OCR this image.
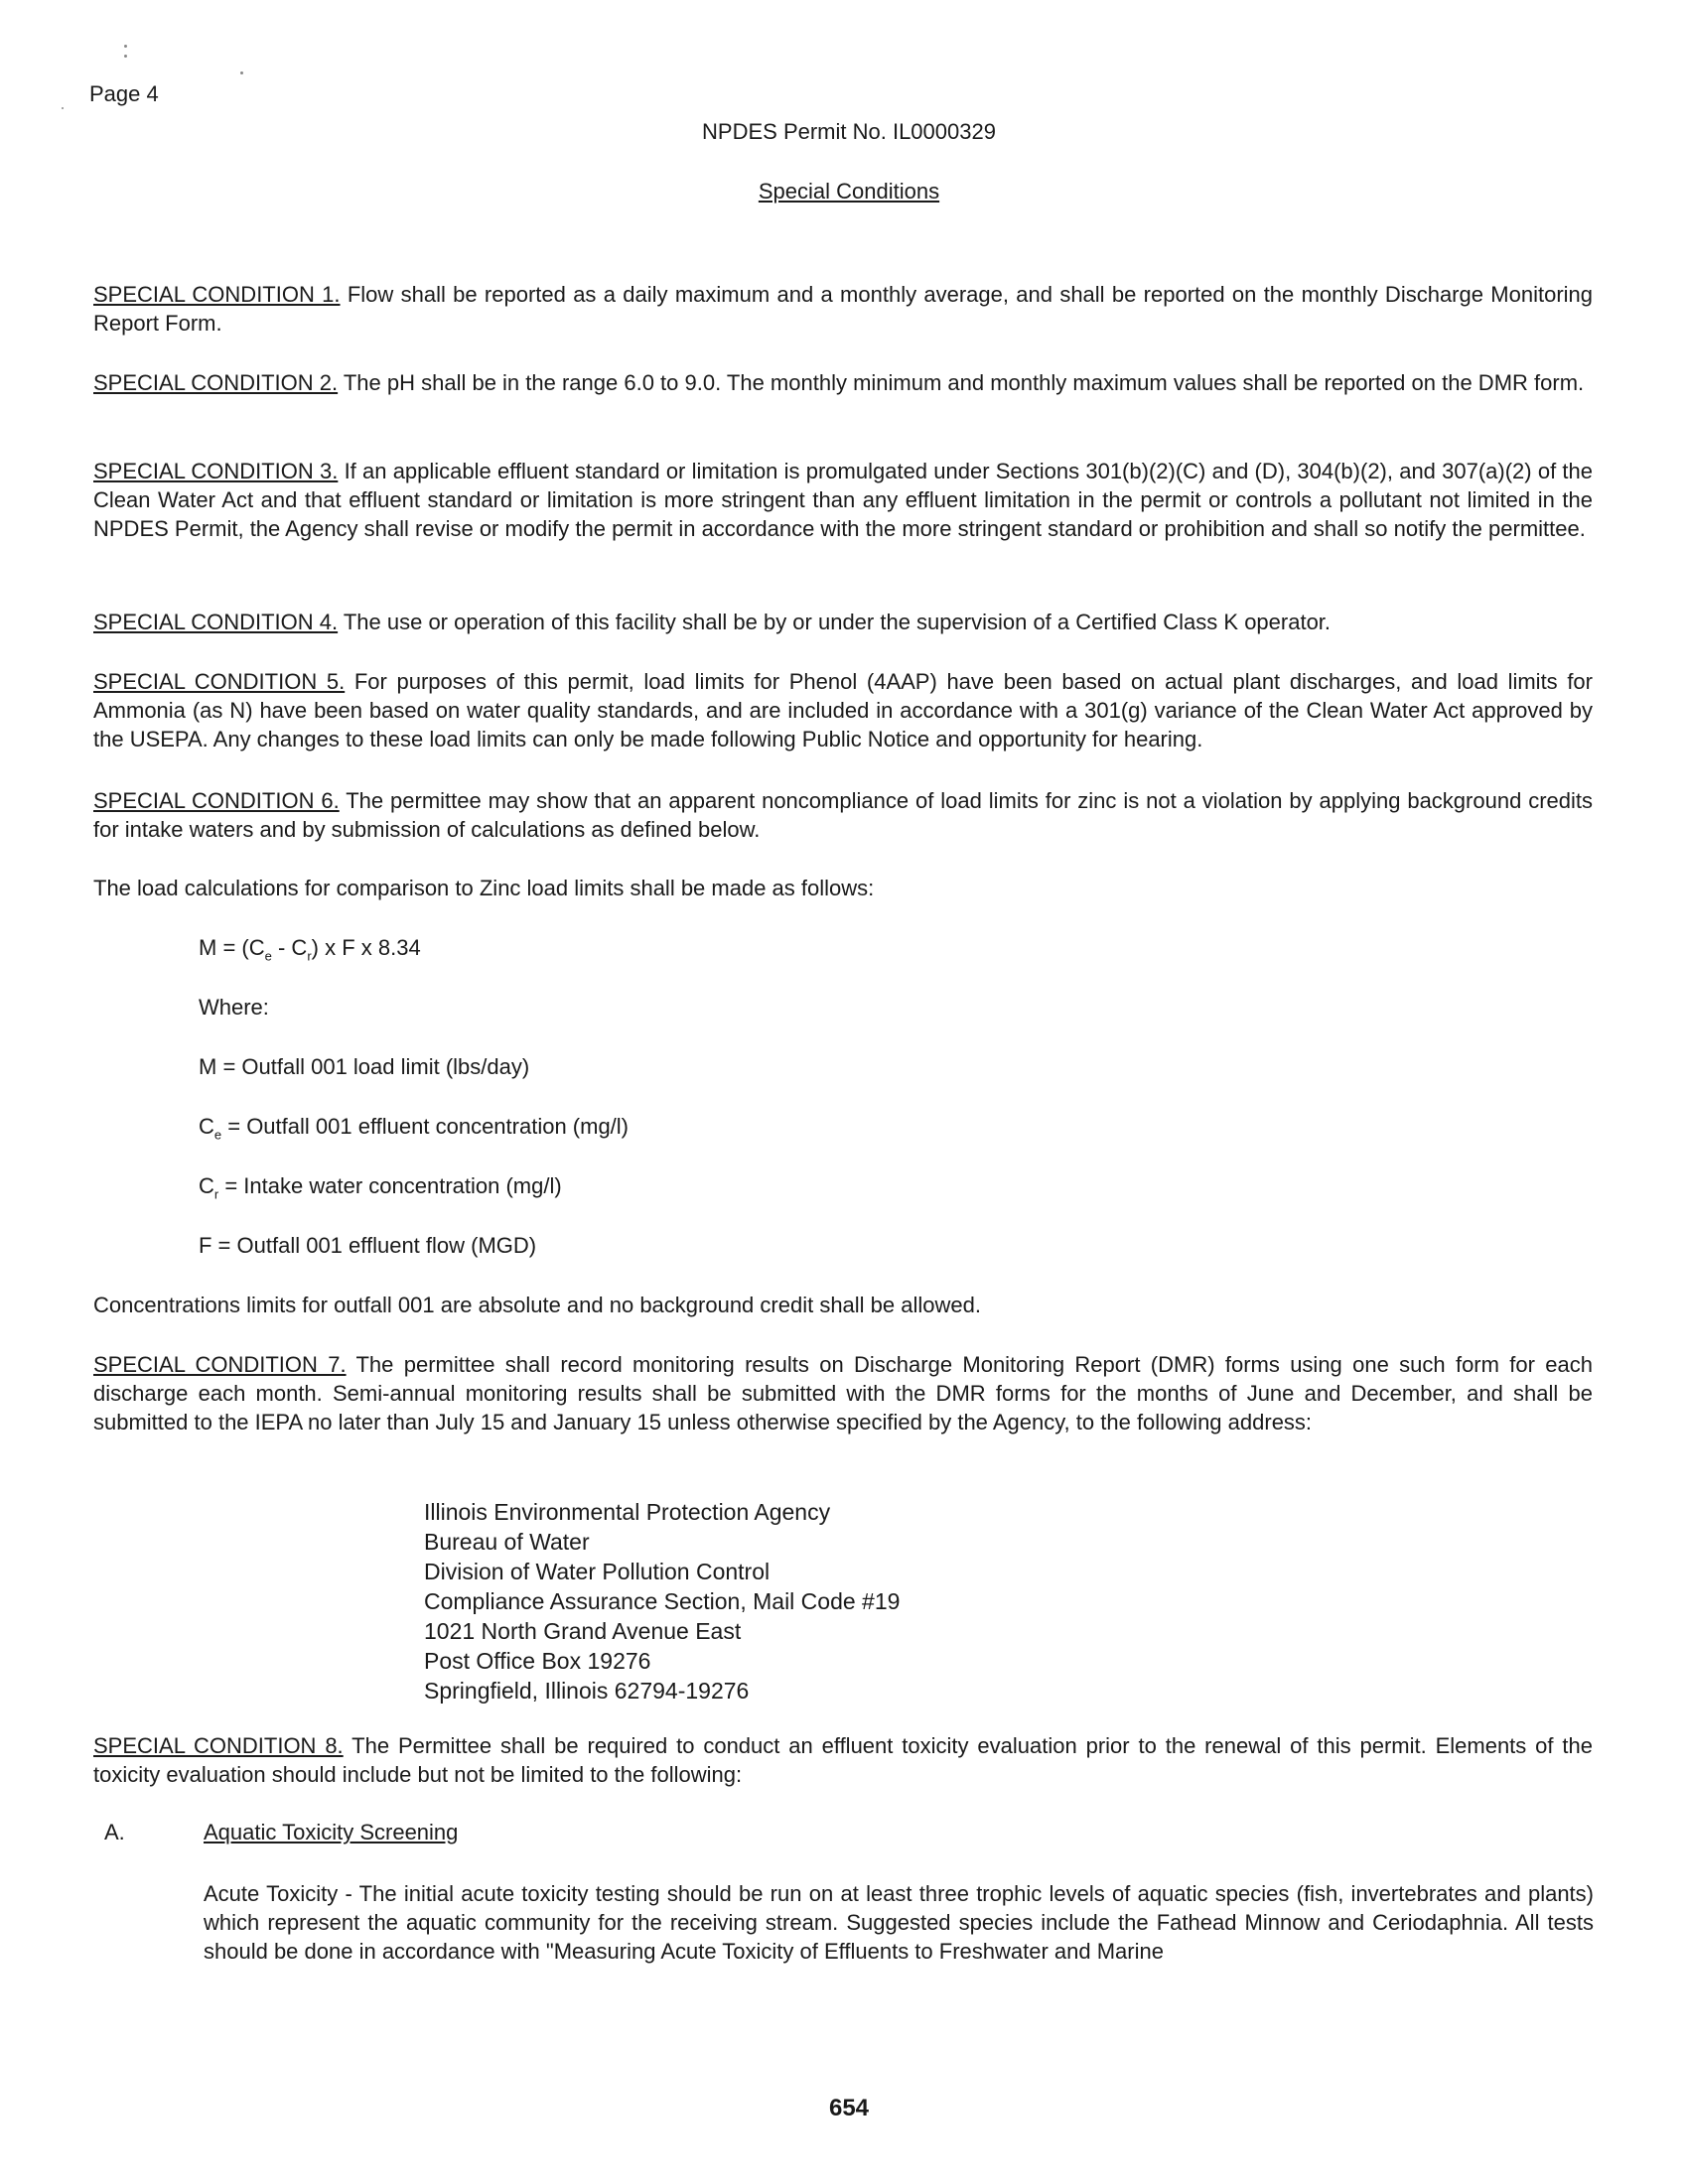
Page 4
NPDES Permit No. IL0000329
Special Conditions
SPECIAL CONDITION 1. Flow shall be reported as a daily maximum and a monthly average, and shall be reported on the monthly Discharge Monitoring Report Form.
SPECIAL CONDITION 2. The pH shall be in the range 6.0 to 9.0. The monthly minimum and monthly maximum values shall be reported on the DMR form.
SPECIAL CONDITION 3. If an applicable effluent standard or limitation is promulgated under Sections 301(b)(2)(C) and (D), 304(b)(2), and 307(a)(2) of the Clean Water Act and that effluent standard or limitation is more stringent than any effluent limitation in the permit or controls a pollutant not limited in the NPDES Permit, the Agency shall revise or modify the permit in accordance with the more stringent standard or prohibition and shall so notify the permittee.
SPECIAL CONDITION 4. The use or operation of this facility shall be by or under the supervision of a Certified Class K operator.
SPECIAL CONDITION 5. For purposes of this permit, load limits for Phenol (4AAP) have been based on actual plant discharges, and load limits for Ammonia (as N) have been based on water quality standards, and are included in accordance with a 301(g) variance of the Clean Water Act approved by the USEPA. Any changes to these load limits can only be made following Public Notice and opportunity for hearing.
SPECIAL CONDITION 6. The permittee may show that an apparent noncompliance of load limits for zinc is not a violation by applying background credits for intake waters and by submission of calculations as defined below.
The load calculations for comparison to Zinc load limits shall be made as follows:
$M = (C_e - C_r)$ x F x 8.34
Where:
M = Outfall 001 load limit (lbs/day)
$C_e$ = Outfall 001 effluent concentration (mg/l)
$C_r$ = Intake water concentration (mg/l)
F = Outfall 001 effluent flow (MGD)
Concentrations limits for outfall 001 are absolute and no background credit shall be allowed.
SPECIAL CONDITION 7. The permittee shall record monitoring results on Discharge Monitoring Report (DMR) forms using one such form for each discharge each month. Semi-annual monitoring results shall be submitted with the DMR forms for the months of June and December, and shall be submitted to the IEPA no later than July 15 and January 15 unless otherwise specified by the Agency, to the following address:
Illinois Environmental Protection Agency
Bureau of Water
Division of Water Pollution Control
Compliance Assurance Section, Mail Code #19
1021 North Grand Avenue East
Post Office Box 19276
Springfield, Illinois 62794-19276
SPECIAL CONDITION 8. The Permittee shall be required to conduct an effluent toxicity evaluation prior to the renewal of this permit. Elements of the toxicity evaluation should include but not be limited to the following:
A.	Aquatic Toxicity Screening
Acute Toxicity - The initial acute toxicity testing should be run on at least three trophic levels of aquatic species (fish, invertebrates and plants) which represent the aquatic community for the receiving stream. Suggested species include the Fathead Minnow and Ceriodaphnia. All tests should be done in accordance with "Measuring Acute Toxicity of Effluents to Freshwater and Marine
654
